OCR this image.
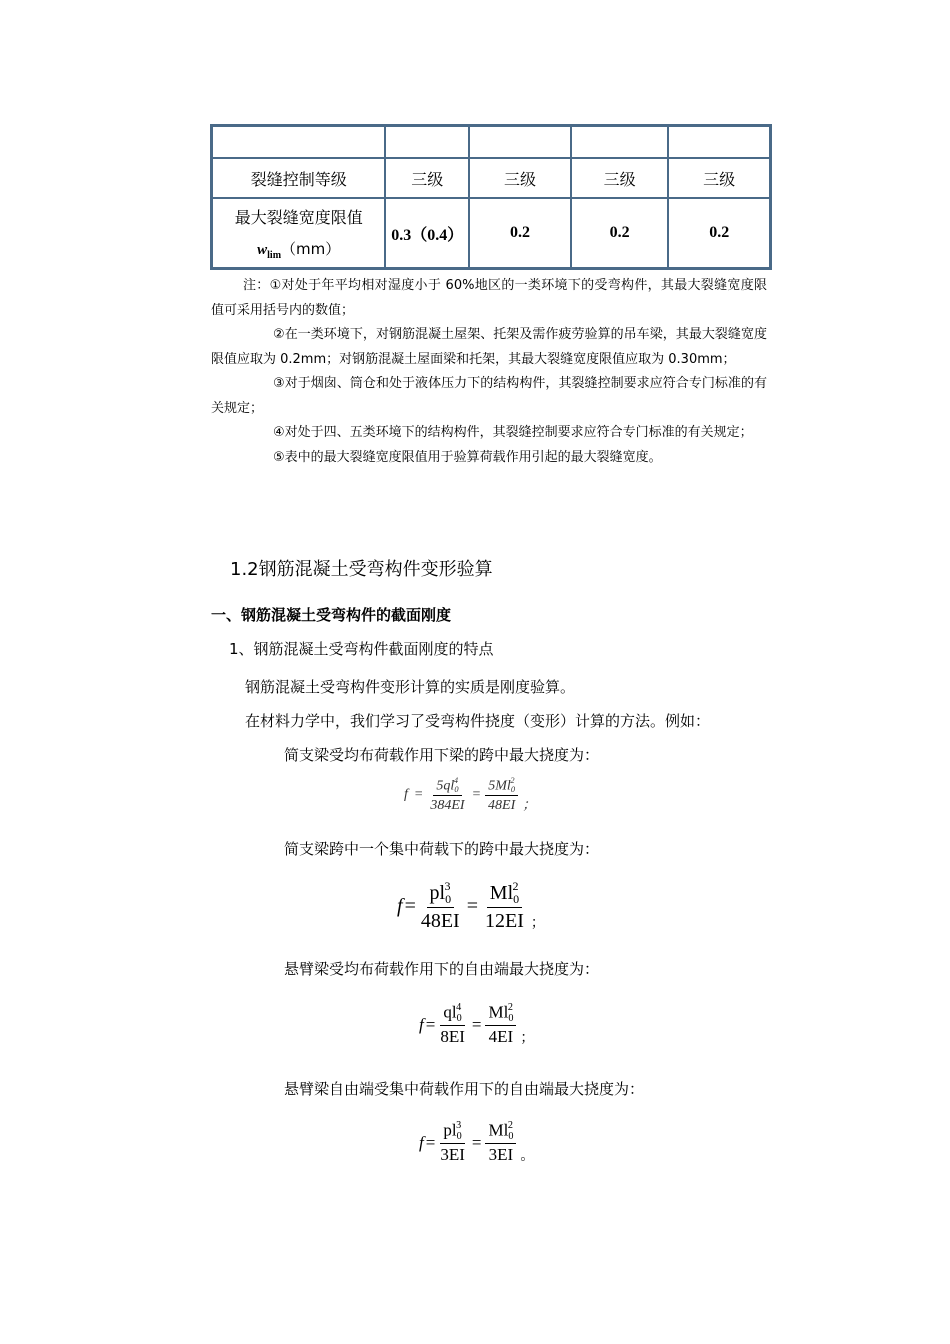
裂缝控制等级	三级	三级	三级	三级

最大裂缝宽度限值
$w_{lim}(mm)$	0.3（0.4）	0.2	0.2	0.2

注：①对处于年平均相对湿度小于 60%地区的一类环境下的受弯构件，其最大裂缝宽度限值可采用括号内的数值；

②在一类环境下，对钢筋混凝土屋架、托架及需作疲劳验算的吊车梁，其最大裂缝宽度限值应取为 0.2mm；对钢筋混凝土屋面梁和托架，其最大裂缝宽度限值应取为 0.30mm；

③对于烟囱、筒仓和处于液体压力下的结构构件，其裂缝控制要求应符合专门标准的有关规定；

④对处于四、五类环境下的结构构件，其裂缝控制要求应符合专门标准的有关规定；

⑤表中的最大裂缝宽度限值用于验算荷载作用引起的最大裂缝宽度。

1.2钢筋混凝土受弯构件变形验算
一、钢筋混凝土受弯构件的截面刚度
1、钢筋混凝土受弯构件截面刚度的特点
钢筋混凝土受弯构件变形计算的实质是刚度验算。
在材料力学中，我们学习了受弯构件挠度（变形）计算的方法。例如：
简支梁受均布荷载作用下梁的跨中最大挠度为：
简支梁跨中一个集中荷载下的跨中最大挠度为：
悬臂梁受均布荷载作用下的自由端最大挠度为：
悬臂梁自由端受集中荷载作用下的自由端最大挠度为：
$f = \frac{5ql^4_0}{384EI} = \frac{5Ml^2_0}{48EI}$ ；
$f = \frac{pl^3_0}{48EI} = \frac{Ml^2_0}{12EI}$ ；
$f = \frac{ql^4_0}{8EI} = \frac{Ml^2_0}{4EI}$ ；
$f = \frac{pl^3_0}{3EI} = \frac{Ml^2_0}{3EI}$ 。
